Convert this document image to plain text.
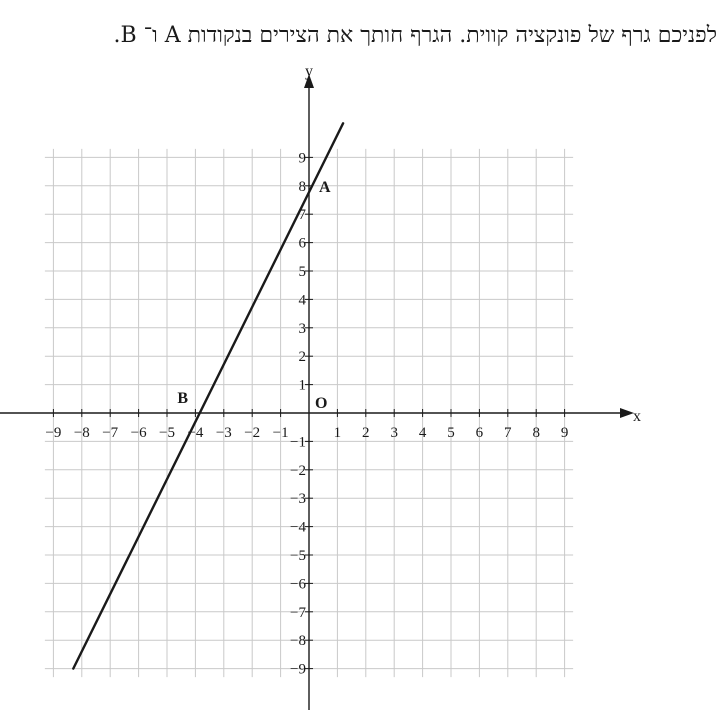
לפניכם גרף של פונקציה קווית. הגרף חותך את הצירים בנקודות A ו־ B.
x
y
−9 −8 −7 −6 −5 −4 −3 −2 −1	1 2 3 4 5 6 7 8 9
9
8
7
6
5
4
3
2
1
−1
−2
−3
−4
−5
−6
−7
−8
−9
O
A
B
